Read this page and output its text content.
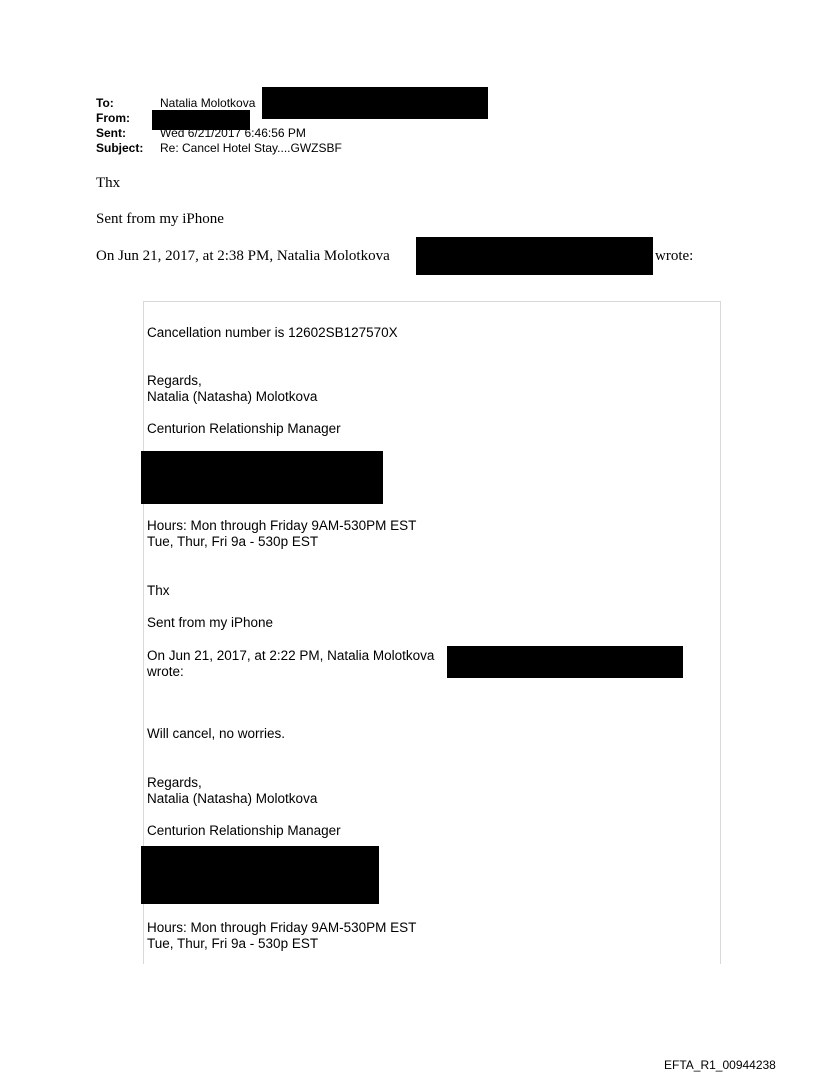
To:	Natalia Molotkova
From:
Sent:	Wed 6/21/2017 6:46:56 PM
Subject: Re: Cancel Hotel Stay....GWZSBF
Thx
Sent from my iPhone
On Jun 21, 2017, at 2:38 PM, Natalia Molotkova	wrote:
Cancellation number is 12602SB127570X
Regards,
Natalia (Natasha) Molotkova
Centurion Relationship Manager
Hours: Mon through Friday 9AM-530PM EST
Tue, Thur, Fri 9a - 530p EST
Thx
Sent from my iPhone
On Jun 21, 2017, at 2:22 PM, Natalia Molotkova
wrote:
Will cancel, no worries.
Regards,
Natalia (Natasha) Molotkova
Centurion Relationship Manager
Hours: Mon through Friday 9AM-530PM EST
Tue, Thur, Fri 9a - 530p EST
EFTA_R1_00944238
